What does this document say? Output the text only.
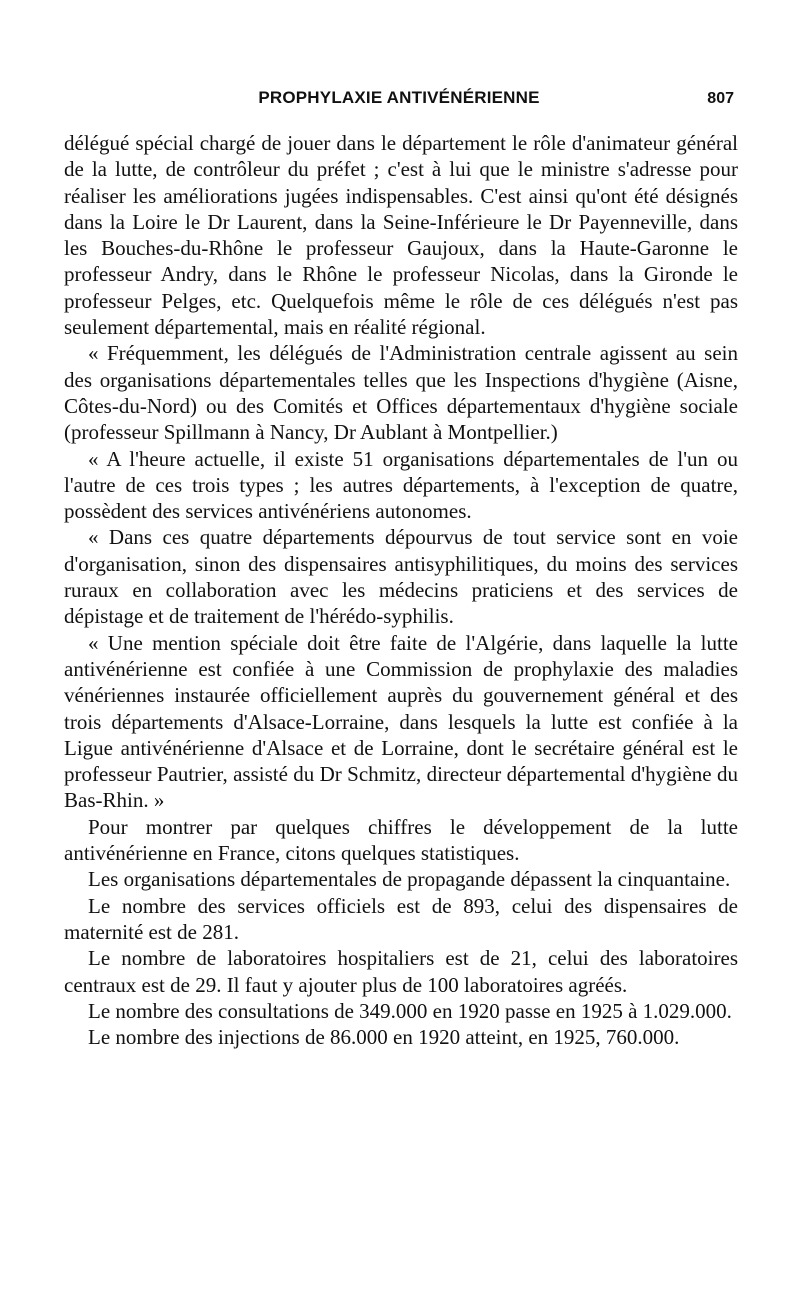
PROPHYLAXIE ANTIVÉNÉRIENNE	807

délégué spécial chargé de jouer dans le département le rôle d'animateur général de la lutte, de contrôleur du préfet ; c'est à lui que le ministre s'adresse pour réaliser les améliorations jugées indispensables. C'est ainsi qu'ont été désignés dans la Loire le Dr Laurent, dans la Seine-Inférieure le Dr Payenneville, dans les Bouches-du-Rhône le professeur Gaujoux, dans la Haute-Garonne le professeur Andry, dans le Rhône le professeur Nicolas, dans la Gironde le professeur Pelges, etc. Quelquefois même le rôle de ces délégués n'est pas seulement départemental, mais en réalité régional.

« Fréquemment, les délégués de l'Administration centrale agissent au sein des organisations départementales telles que les Inspections d'hygiène (Aisne, Côtes-du-Nord) ou des Comités et Offices départementaux d'hygiène sociale (professeur Spillmann à Nancy, Dr Aublant à Montpellier.)

« A l'heure actuelle, il existe 51 organisations départementales de l'un ou l'autre de ces trois types ; les autres départements, à l'exception de quatre, possèdent des services antivénériens autonomes.

« Dans ces quatre départements dépourvus de tout service sont en voie d'organisation, sinon des dispensaires antisyphilitiques, du moins des services ruraux en collaboration avec les médecins praticiens et des services de dépistage et de traitement de l'hérédo-syphilis.

« Une mention spéciale doit être faite de l'Algérie, dans laquelle la lutte antivénérienne est confiée à une Commission de prophylaxie des maladies vénériennes instaurée officiellement auprès du gouvernement général et des trois départements d'Alsace-Lorraine, dans lesquels la lutte est confiée à la Ligue antivénérienne d'Alsace et de Lorraine, dont le secrétaire général est le professeur Pautrier, assisté du Dr Schmitz, directeur départemental d'hygiène du Bas-Rhin. »

Pour montrer par quelques chiffres le développement de la lutte antivénérienne en France, citons quelques statistiques.

Les organisations départementales de propagande dépassent la cinquantaine.

Le nombre des services officiels est de 893, celui des dispensaires de maternité est de 281.

Le nombre de laboratoires hospitaliers est de 21, celui des laboratoires centraux est de 29. Il faut y ajouter plus de 100 laboratoires agréés.

Le nombre des consultations de 349.000 en 1920 passe en 1925 à 1.029.000.

Le nombre des injections de 86.000 en 1920 atteint, en 1925, 760.000.
